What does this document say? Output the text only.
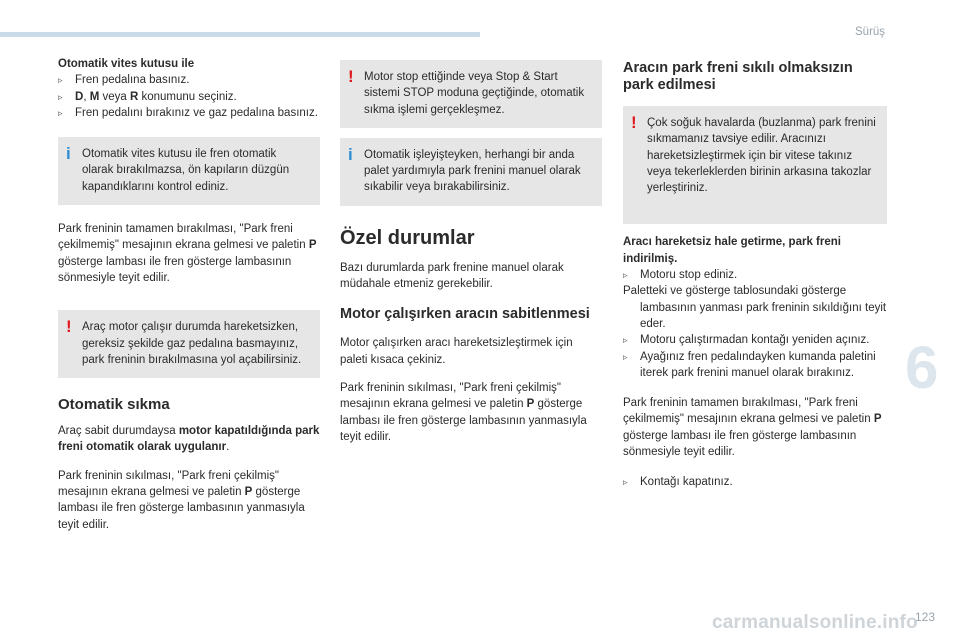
Sürüş
6
carmanualsonline.info
123

Otomatik vites kutusu ile

▹ Fren pedalına basınız.

▹ D, M veya R konumunu seçiniz.

▹ Fren pedalını bırakınız ve gaz pedalına basınız.

i Otomatik vites kutusu ile fren otomatik olarak bırakılmazsa, ön kapıların düzgün kapandıklarını kontrol ediniz.

Park freninin tamamen bırakılması, "Park freni çekilmemiş" mesajının ekrana gelmesi ve paletin P gösterge lambası ile fren gösterge lambasının sönmesiyle teyit edilir.

! Araç motor çalışır durumda hareketsizken, gereksiz şekilde gaz pedalına basmayınız, park freninin bırakılmasına yol açabilirsiniz.

Otomatik sıkma

Araç sabit durumdaysa motor kapatıldığında park freni otomatik olarak uygulanır.

Park freninin sıkılması, "Park freni çekilmiş" mesajının ekrana gelmesi ve paletin P gösterge lambası ile fren gösterge lambasının yanmasıyla teyit edilir.

! Motor stop ettiğinde veya Stop & Start sistemi STOP moduna geçtiğinde, otomatik sıkma işlemi gerçekleşmez.

i Otomatik işleyişteyken, herhangi bir anda palet yardımıyla park frenini manuel olarak sıkabilir veya bırakabilirsiniz.

Özel durumlar

Bazı durumlarda park frenine manuel olarak müdahale etmeniz gerekebilir.

Motor çalışırken aracın sabitlenmesi

Motor çalışırken aracı hareketsizleştirmek için paleti kısaca çekiniz.

Park freninin sıkılması, "Park freni çekilmiş" mesajının ekrana gelmesi ve paletin P gösterge lambası ile fren gösterge lambasının yanmasıyla teyit edilir.

Aracın park freni sıkılı olmaksızın park edilmesi

! Çok soğuk havalarda (buzlanma) park frenini sıkmamanız tavsiye edilir. Aracınızı hareketsizleştirmek için bir vitese takınız veya tekerleklerden birinin arkasına takozlar yerleştiriniz.

Aracı hareketsiz hale getirme, park freni indirilmiş.

▹ Motoru stop ediniz.

Paletteki ve gösterge tablosundaki gösterge lambasının yanması park freninin sıkıldığını teyit eder.

▹ Motoru çalıştırmadan kontağı yeniden açınız.

▹ Ayağınız fren pedalındayken kumanda paletini iterek park frenini manuel olarak bırakınız.

Park freninin tamamen bırakılması, "Park freni çekilmemiş" mesajının ekrana gelmesi ve paletin P gösterge lambası ile fren gösterge lambasının sönmesiyle teyit edilir.

▹ Kontağı kapatınız.
